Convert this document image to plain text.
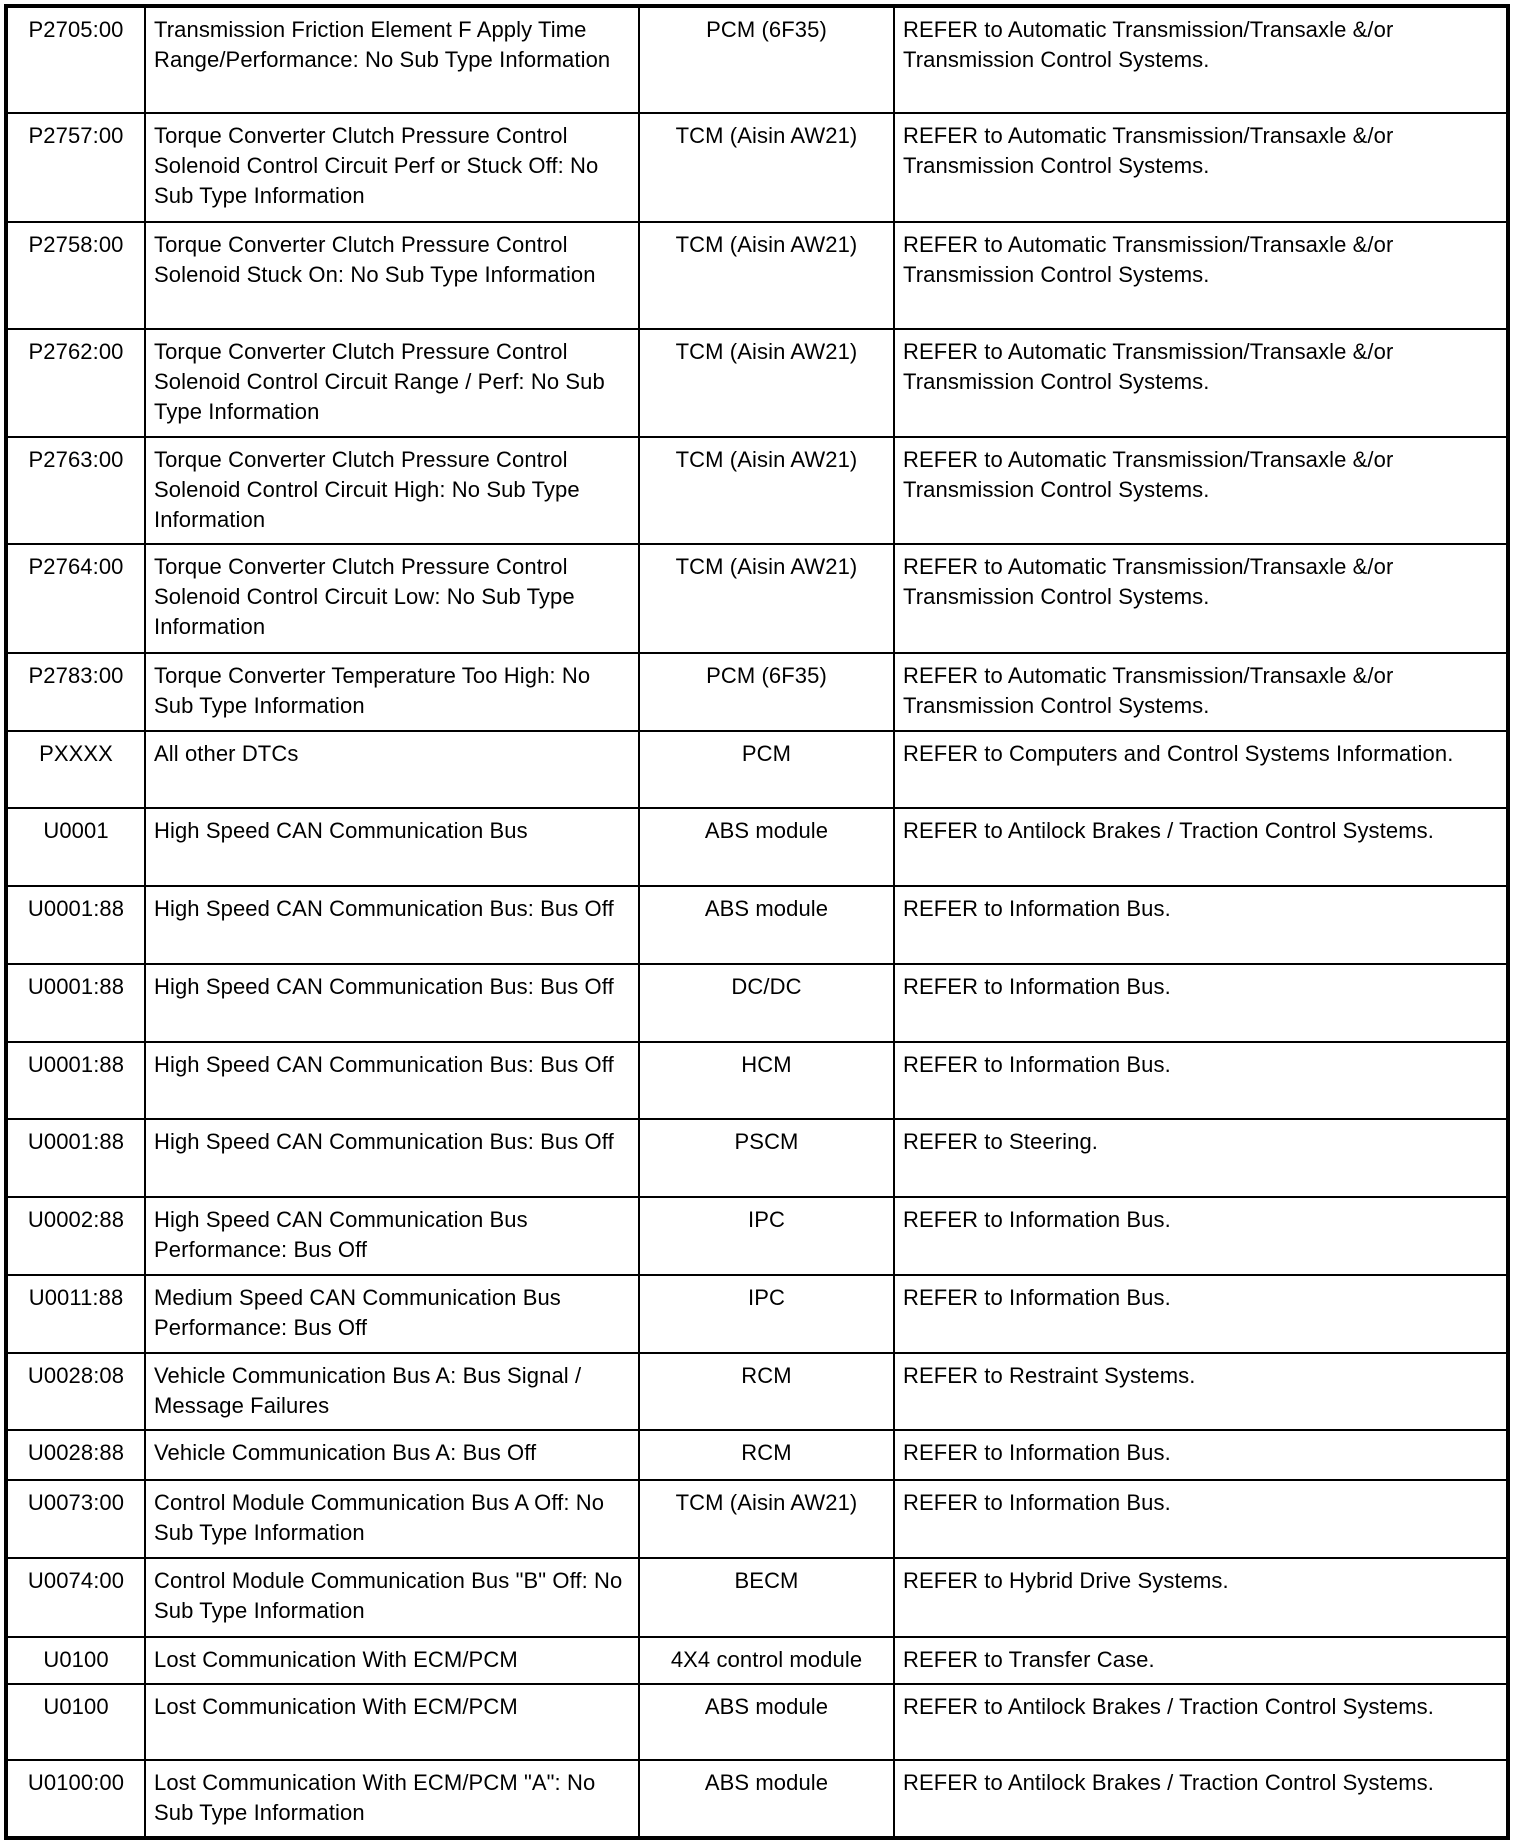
P2705:00	Transmission Friction Element F Apply Time Range/Performance: No Sub Type Information	PCM (6F35)	REFER to Automatic Transmission/Transaxle &/or Transmission Control Systems.
P2757:00	Torque Converter Clutch Pressure Control Solenoid Control Circuit Perf or Stuck Off: No Sub Type Information	TCM (Aisin AW21)	REFER to Automatic Transmission/Transaxle &/or Transmission Control Systems.
P2758:00	Torque Converter Clutch Pressure Control Solenoid Stuck On: No Sub Type Information	TCM (Aisin AW21)	REFER to Automatic Transmission/Transaxle &/or Transmission Control Systems.
P2762:00	Torque Converter Clutch Pressure Control Solenoid Control Circuit Range / Perf: No Sub Type Information	TCM (Aisin AW21)	REFER to Automatic Transmission/Transaxle &/or Transmission Control Systems.
P2763:00	Torque Converter Clutch Pressure Control Solenoid Control Circuit High: No Sub Type Information	TCM (Aisin AW21)	REFER to Automatic Transmission/Transaxle &/or Transmission Control Systems.
P2764:00	Torque Converter Clutch Pressure Control Solenoid Control Circuit Low: No Sub Type Information	TCM (Aisin AW21)	REFER to Automatic Transmission/Transaxle &/or Transmission Control Systems.
P2783:00	Torque Converter Temperature Too High: No Sub Type Information	PCM (6F35)	REFER to Automatic Transmission/Transaxle &/or Transmission Control Systems.
PXXXX	All other DTCs	PCM	REFER to Computers and Control Systems Information.
U0001	High Speed CAN Communication Bus	ABS module	REFER to Antilock Brakes / Traction Control Systems.
U0001:88	High Speed CAN Communication Bus: Bus Off	ABS module	REFER to Information Bus.
U0001:88	High Speed CAN Communication Bus: Bus Off	DC/DC	REFER to Information Bus.
U0001:88	High Speed CAN Communication Bus: Bus Off	HCM	REFER to Information Bus.
U0001:88	High Speed CAN Communication Bus: Bus Off	PSCM	REFER to Steering.
U0002:88	High Speed CAN Communication Bus Performance: Bus Off	IPC	REFER to Information Bus.
U0011:88	Medium Speed CAN Communication Bus Performance: Bus Off	IPC	REFER to Information Bus.
U0028:08	Vehicle Communication Bus A: Bus Signal / Message Failures	RCM	REFER to Restraint Systems.
U0028:88	Vehicle Communication Bus A: Bus Off	RCM	REFER to Information Bus.
U0073:00	Control Module Communication Bus A Off: No Sub Type Information	TCM (Aisin AW21)	REFER to Information Bus.
U0074:00	Control Module Communication Bus "B" Off: No Sub Type Information	BECM	REFER to Hybrid Drive Systems.
U0100	Lost Communication With ECM/PCM	4X4 control module	REFER to Transfer Case.
U0100	Lost Communication With ECM/PCM	ABS module	REFER to Antilock Brakes / Traction Control Systems.
U0100:00	Lost Communication With ECM/PCM "A": No Sub Type Information	ABS module	REFER to Antilock Brakes / Traction Control Systems.
